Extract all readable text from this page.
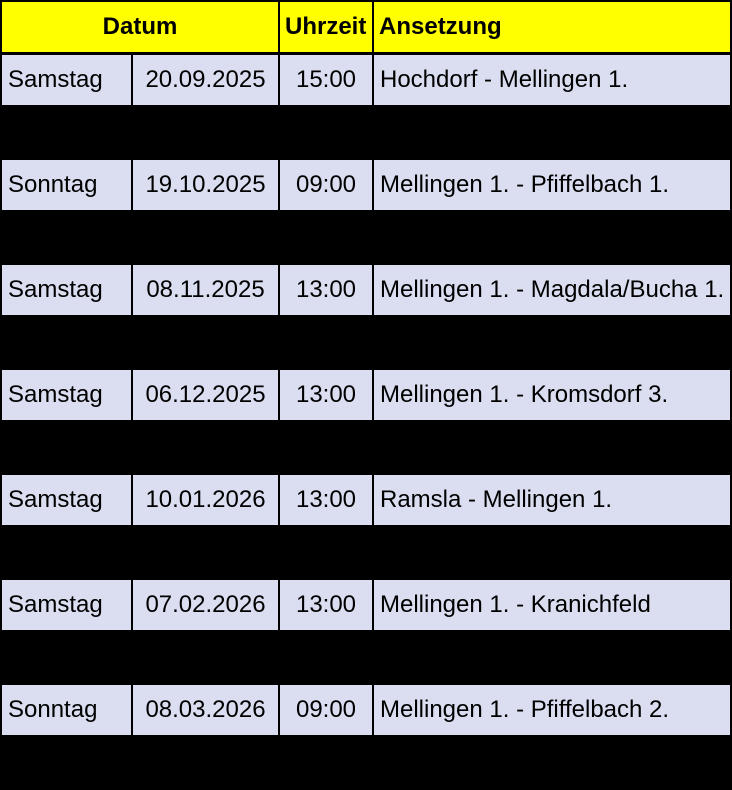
Datum	Uhrzeit Ansetzung
Samstag	20.09.2025	15:00 Hochdorf - Mellingen 1.
Sonntag	19.10.2025	09:00 Mellingen 1. - Pfiffelbach 1.
Samstag	08.11.2025	13:00 Mellingen 1. - Magdala/Bucha 1.
Samstag	06.12.2025	13:00 Mellingen 1. - Kromsdorf 3.
Samstag	10.01.2026	13:00 Ramsla - Mellingen 1.
Samstag	07.02.2026	13:00 Mellingen 1. - Kranichfeld
Sonntag	08.03.2026	09:00 Mellingen 1. - Pfiffelbach 2.
